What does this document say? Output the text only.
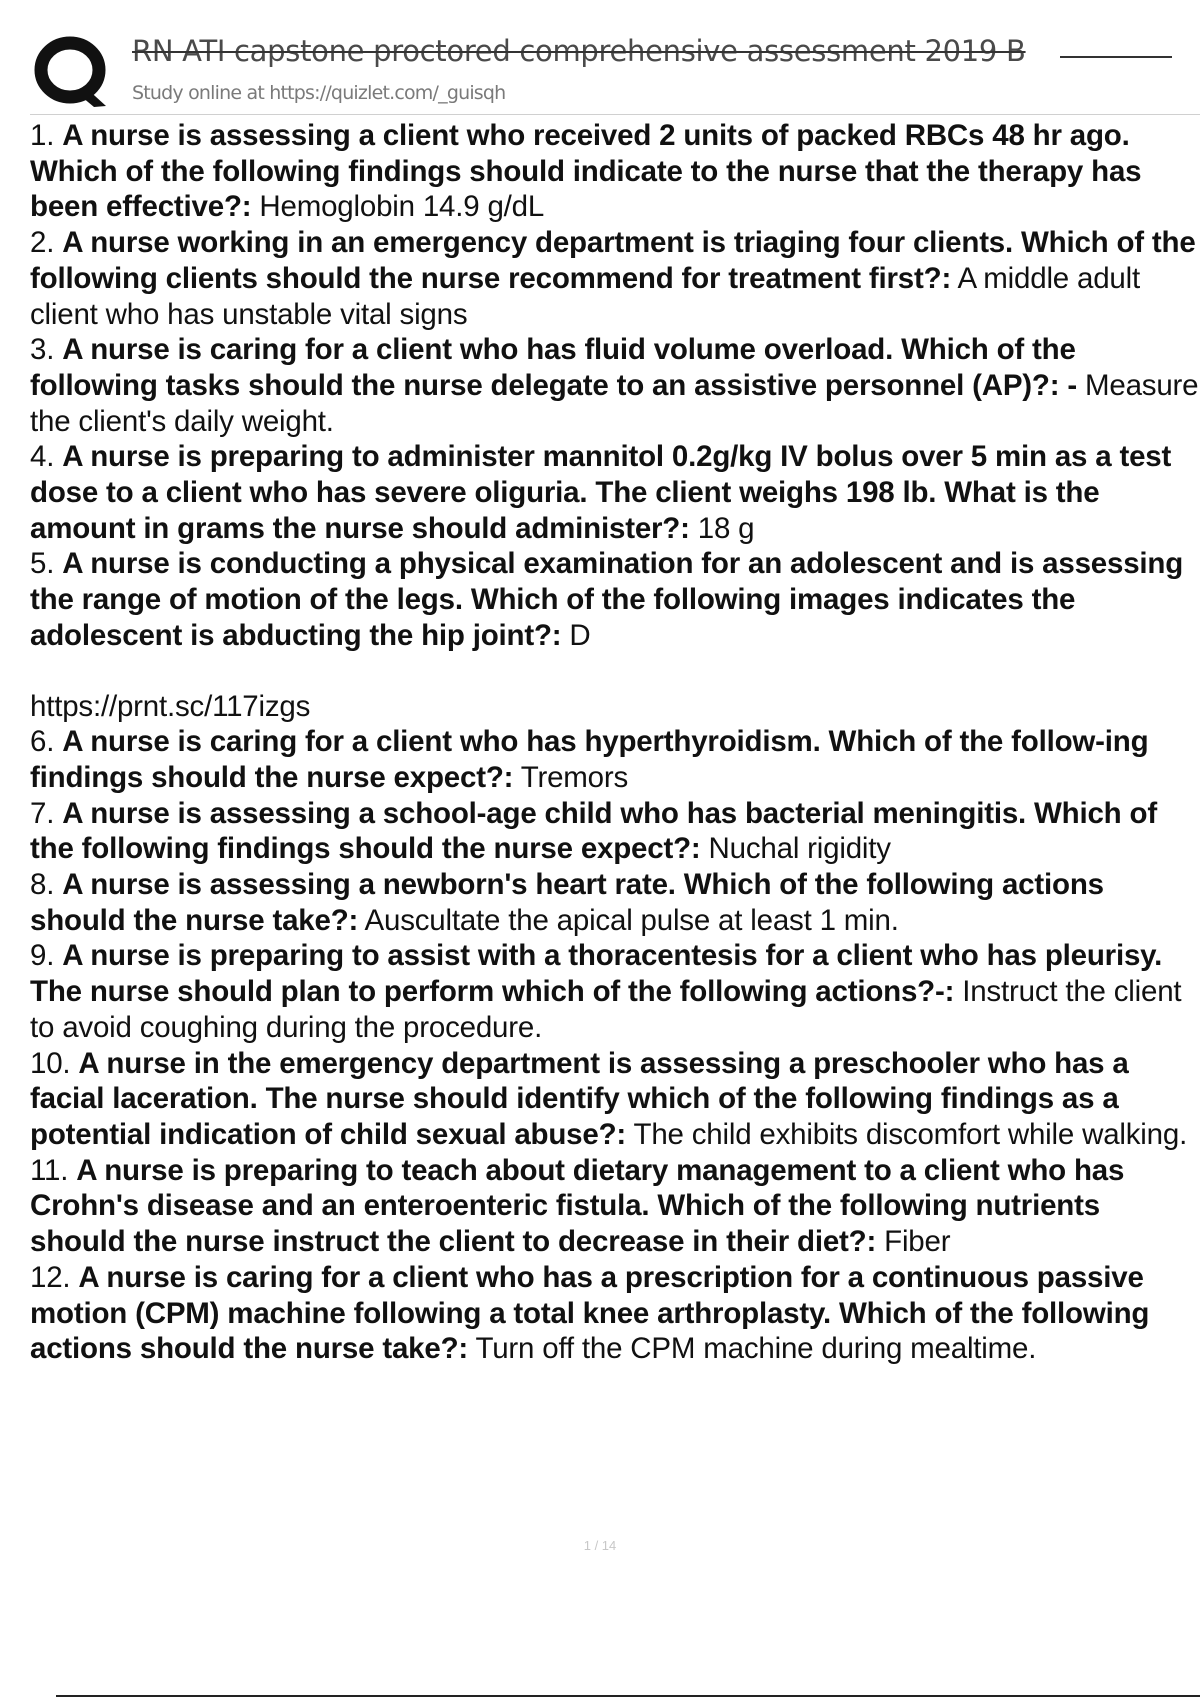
RN ATI capstone proctored comprehensive assessment 2019 B
Study online at https://quizlet.com/_guisqh

1. A nurse is assessing a client who received 2 units of packed RBCs 48 hr ago. Which of the following findings should indicate to the nurse that the therapy has been effective?: Hemoglobin 14.9 g/dL

2. A nurse working in an emergency department is triaging four clients. Which of the following clients should the nurse recommend for treatment first?: A middle adult client who has unstable vital signs

3. A nurse is caring for a client who has fluid volume overload. Which of the following tasks should the nurse delegate to an assistive personnel (AP)?: - Measure the client's daily weight.

4. A nurse is preparing to administer mannitol 0.2g/kg IV bolus over 5 min as a test dose to a client who has severe oliguria. The client weighs 198 lb. What is the amount in grams the nurse should administer?: 18 g

5. A nurse is conducting a physical examination for an adolescent and is assessing the range of motion of the legs. Which of the following images indicates the adolescent is abducting the hip joint?: D

https://prnt.sc/117izgs

6. A nurse is caring for a client who has hyperthyroidism. Which of the follow-ing findings should the nurse expect?: Tremors

7. A nurse is assessing a school-age child who has bacterial meningitis. Which of the following findings should the nurse expect?: Nuchal rigidity

8. A nurse is assessing a newborn's heart rate. Which of the following actions should the nurse take?: Auscultate the apical pulse at least 1 min.

9. A nurse is preparing to assist with a thoracentesis for a client who has pleurisy. The nurse should plan to perform which of the following actions?-: Instruct the client to avoid coughing during the procedure.

10. A nurse in the emergency department is assessing a preschooler who has a facial laceration. The nurse should identify which of the following findings as a potential indication of child sexual abuse?: The child exhibits discomfort while walking.

11. A nurse is preparing to teach about dietary management to a client who has Crohn's disease and an enteroenteric fistula. Which of the following nutrients should the nurse instruct the client to decrease in their diet?: Fiber

12. A nurse is caring for a client who has a prescription for a continuous passive motion (CPM) machine following a total knee arthroplasty. Which of the following actions should the nurse take?: Turn off the CPM machine during mealtime.

1 / 14
